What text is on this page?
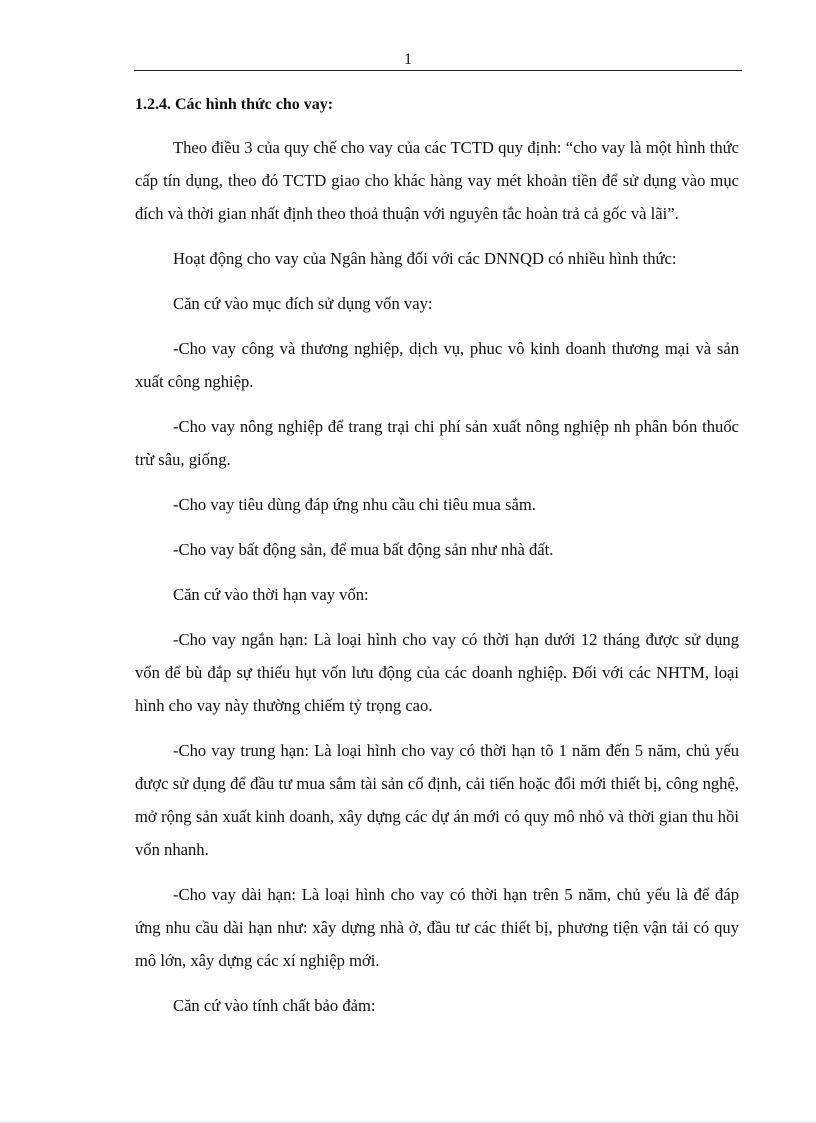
1

1.2.4. Các hình thức cho vay:

Theo điều 3 của quy chế cho vay của các TCTD quy định: “cho vay là một hình thức cấp tín dụng, theo đó TCTD giao cho khác hàng vay mét khoản tiền để sử dụng vào mục đích và thời gian nhất định theo thoả thuận với nguyên tắc hoàn trả cả gốc và lãi”.

Hoạt động cho vay của Ngân hàng đối với các DNNQD có nhiều hình thức:

Căn cứ vào mục đích sử dụng vốn vay:

-Cho vay công và thương nghiệp, dịch vụ, phuc vô kinh doanh thương mại và sản xuất công nghiệp.

-Cho vay nông nghiệp để trang trại chi phí sản xuất nông nghiệp nh phân bón thuốc trừ sâu, giống.

-Cho vay tiêu dùng đáp ứng nhu cầu chi tiêu mua sắm.

-Cho vay bất động sản, để mua bất động sản như nhà đất.

Căn cứ vào thời hạn vay vốn:

-Cho vay ngắn hạn: Là loại hình cho vay có thời hạn dưới 12 tháng được sử dụng vốn để bù đắp sự thiếu hụt vốn lưu động của các doanh nghiệp. Đối với các NHTM, loại hình cho vay này thường chiếm tỷ trọng cao.

-Cho vay trung hạn: Là loại hình cho vay có thời hạn tõ 1 năm đến 5 năm, chủ yếu được sử dụng để đầu tư mua sắm tài sản cố định, cải tiến hoặc đổi mới thiết bị, công nghệ, mở rộng sản xuất kinh doanh, xây dựng các dự án mới có quy mô nhỏ và thời gian thu hồi vốn nhanh.

-Cho vay dài hạn: Là loại hình cho vay có thời hạn trên 5 năm, chủ yếu là để đáp ứng nhu cầu dài hạn như: xây dựng nhà ở, đầu tư các thiết bị, phương tiện vận tải có quy mô lớn, xây dựng các xí nghiệp mới.

Căn cứ vào tính chất bảo đảm:
